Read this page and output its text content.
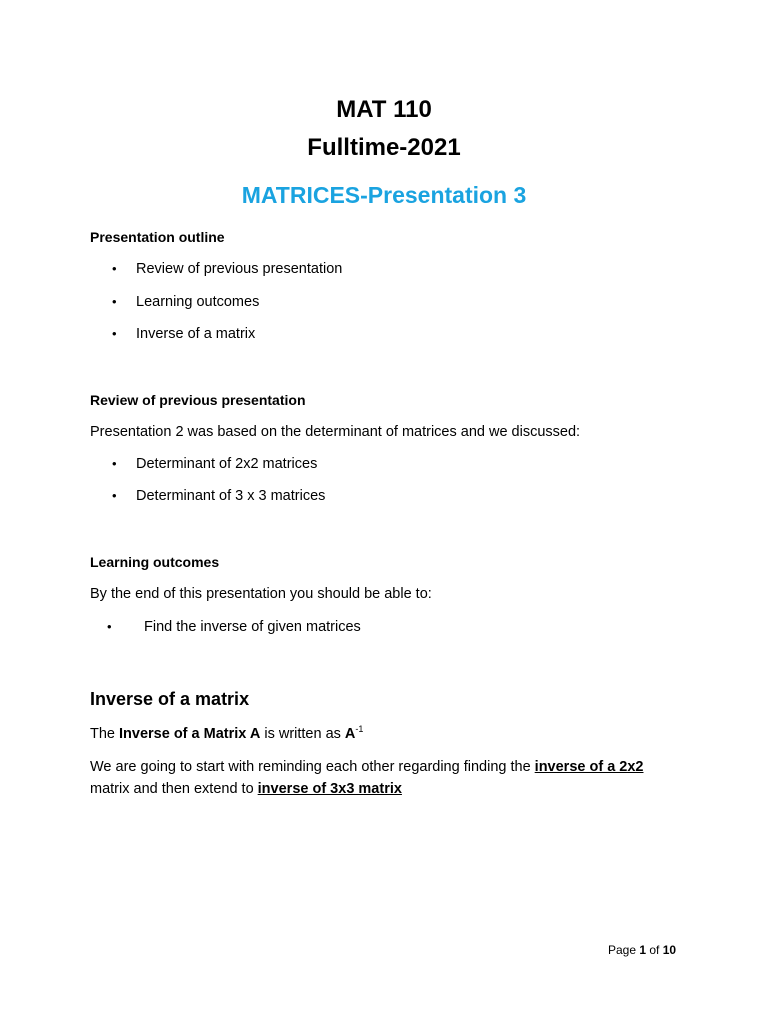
MAT 110
Fulltime-2021
MATRICES-Presentation 3
Presentation outline
• Review of previous presentation
• Learning outcomes
• Inverse of a matrix
Review of previous presentation
Presentation 2 was based on the determinant of matrices and we discussed:
• Determinant of 2x2 matrices
• Determinant of 3 x 3 matrices
Learning outcomes
By the end of this presentation you should be able to:
• Find the inverse of given matrices
Inverse of a matrix
The Inverse of a Matrix A is written as $A^{-1}$
We are going to start with reminding each other regarding finding the inverse of a 2x2
matrix and then extend to inverse of 3x3 matrix
Page 1 of 10
